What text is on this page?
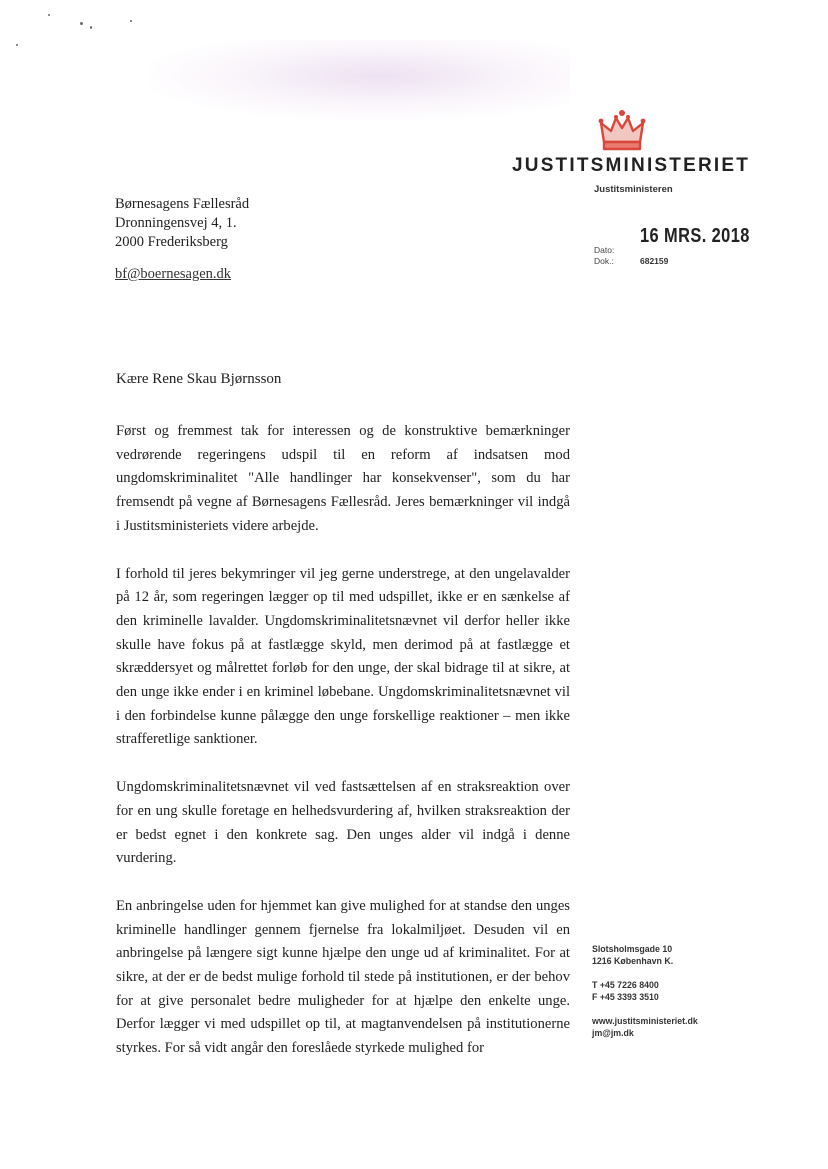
JUSTITSMINISTERIET
Justitsministeren
Børnesagens Fællesråd
Dronningensvej 4, 1.
2000 Frederiksberg
bf@boernesagen.dk
Dato:
16 MRS. 2018
Dok.:	682159
Kære Rene Skau Bjørnsson

Først og fremmest tak for interessen og de konstruktive bemærkninger vedrørende regeringens udspil til en reform af indsatsen mod ungdomskriminalitet "Alle handlinger har konsekvenser", som du har fremsendt på vegne af Børnesagens Fællesråd. Jeres bemærkninger vil indgå i Justitsministeriets videre arbejde.

I forhold til jeres bekymringer vil jeg gerne understrege, at den ungelavalder på 12 år, som regeringen lægger op til med udspillet, ikke er en sænkelse af den kriminelle lavalder. Ungdomskriminalitetsnævnet vil derfor heller ikke skulle have fokus på at fastlægge skyld, men derimod på at fastlægge et skræddersyet og målrettet forløb for den unge, der skal bidrage til at sikre, at den unge ikke ender i en kriminel løbebane. Ungdomskriminalitetsnævnet vil i den forbindelse kunne pålægge den unge forskellige reaktioner – men ikke strafferetlige sanktioner.

Ungdomskriminalitetsnævnet vil ved fastsættelsen af en straksreaktion over for en ung skulle foretage en helhedsvurdering af, hvilken straksreaktion der er bedst egnet i den konkrete sag. Den unges alder vil indgå i denne vurdering.

En anbringelse uden for hjemmet kan give mulighed for at standse den unges kriminelle handlinger gennem fjernelse fra lokalmiljøet. Desuden vil en anbringelse på længere sigt kunne hjælpe den unge ud af kriminalitet. For at sikre, at der er de bedst mulige forhold til stede på institutionen, er der behov for at give personalet bedre muligheder for at hjælpe den enkelte unge. Derfor lægger vi med udspillet op til, at magtanvendelsen på institutionerne styrkes. For så vidt angår den foreslåede styrkede mulighed for

Slotsholmsgade 10
1216 København K.
T +45 7226 8400
F +45 3393 3510
www.justitsministeriet.dk
jm@jm.dk
